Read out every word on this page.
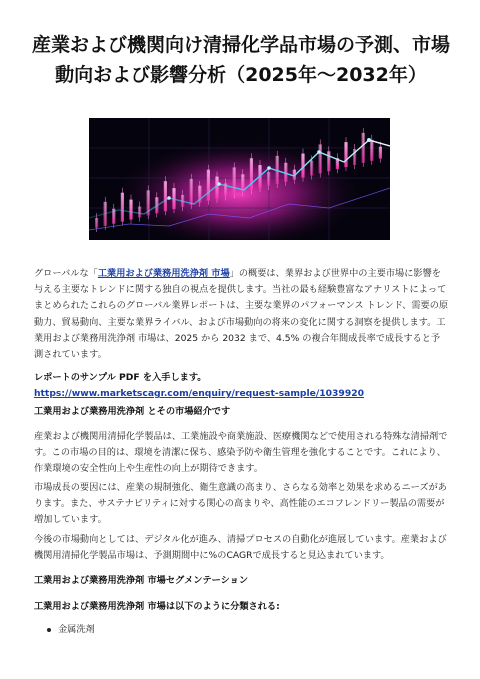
産業および機関向け清掃化学品市場の予測、市場動向および影響分析（2025年〜2032年）

グローバルな「工業用および業務用洗浄剤 市場」の概要は、業界および世界中の主要市場に影響を与える主要なトレンドに関する独自の視点を提供します。当社の最も経験豊富なアナリストによってまとめられたこれらのグローバル業界レポートは、主要な業界のパフォーマンス トレンド、需要の原動力、貿易動向、主要な業界ライバル、および市場動向の将来の変化に関する洞察を提供します。工業用および業務用洗浄剤 市場は、2025 から 2032 まで、4.5% の複合年間成長率で成長すると予測されています。

レポートのサンプル PDF を入手します。 https://www.marketscagr.com/enquiry/request-sample/1039920

工業用および業務用洗浄剤 とその市場紹介です

産業および機関用清掃化学製品は、工業施設や商業施設、医療機関などで使用される特殊な清掃剤です。この市場の目的は、環境を清潔に保ち、感染予防や衛生管理を強化することです。これにより、作業環境の安全性向上や生産性の向上が期待できます。

市場成長の要因には、産業の規制強化、衛生意識の高まり、さらなる効率と効果を求めるニーズがあります。また、サステナビリティに対する関心の高まりや、高性能のエコフレンドリー製品の需要が増加しています。

今後の市場動向としては、デジタル化が進み、清掃プロセスの自動化が進展しています。産業および機関用清掃化学製品市場は、予測期間中に%のCAGRで成長すると見込まれています。

工業用および業務用洗浄剤 市場セグメンテーション

工業用および業務用洗浄剤 市場は以下のように分類される:

金属洗剤
